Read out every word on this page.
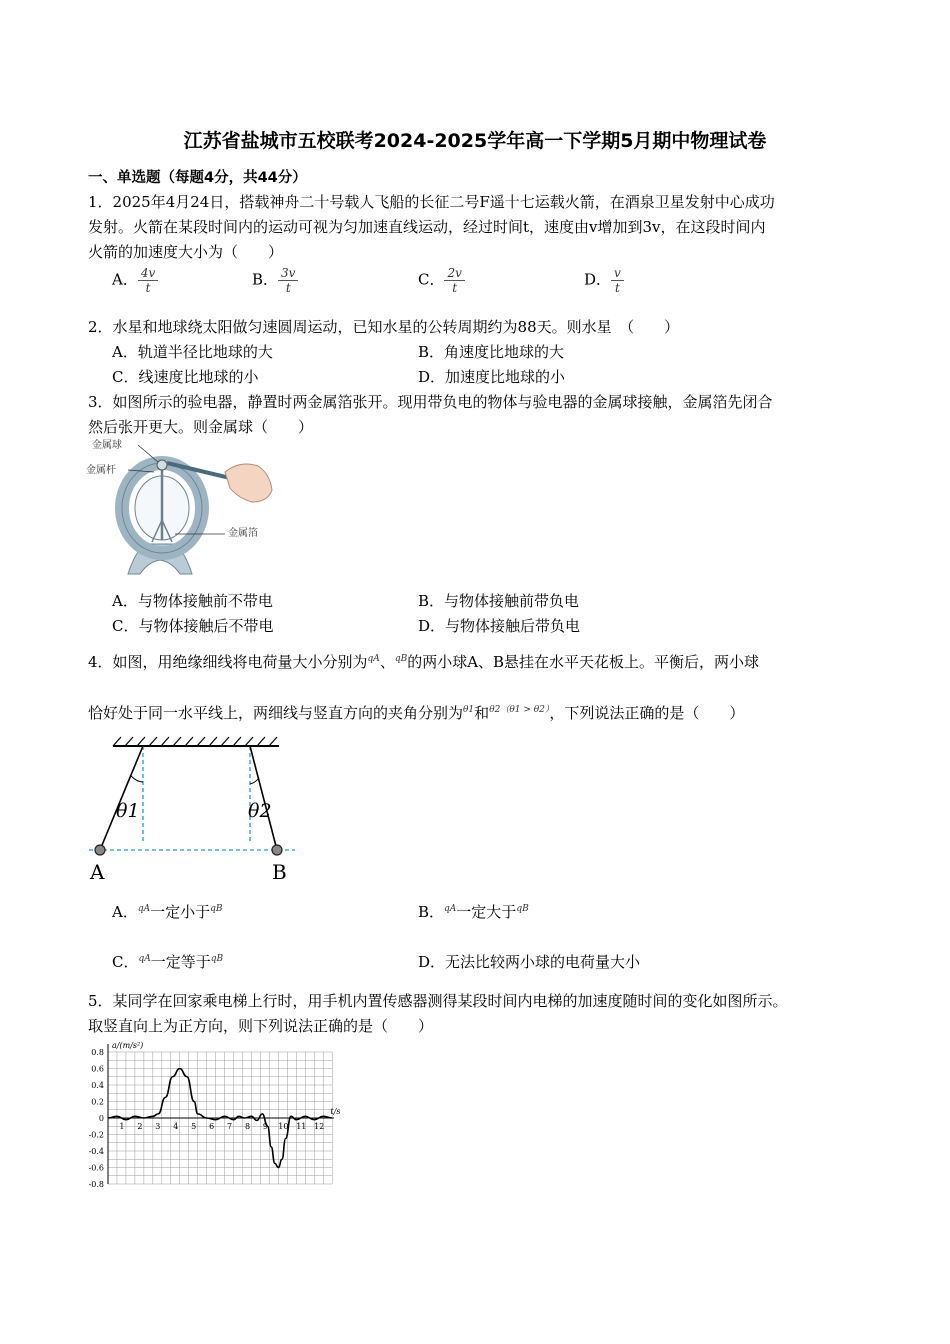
江苏省盐城市五校联考2024-2025学年高一下学期5月期中物理试卷
一、单选题（每题4分，共44分）
1．2025年4月24日，搭载神舟二十号载人飞船的长征二号F遥十七运载火箭，在酒泉卫星发射中心成功
发射。火箭在某段时间内的运动可视为匀加速直线运动，经过时间t，速度由v增加到3v，在这段时间内
火箭的加速度大小为（　　）
A． $\frac{4v}{t}$	B． $\frac{3v}{t}$	C． $\frac{2v}{t}$	D． $\frac{v}{t}$
2．水星和地球绕太阳做匀速圆周运动，已知水星的公转周期约为88天。则水星　（　　）
A．轨道半径比地球的大	B．角速度比地球的大
C．线速度比地球的小	D．加速度比地球的小
3．如图所示的验电器，静置时两金属箔张开。现用带负电的物体与验电器的金属球接触，金属箔先闭合
然后张开更大。则金属球（　　）
金属球
金属杆
金属箔
A．与物体接触前不带电	B．与物体接触前带负电
C．与物体接触后不带电	D．与物体接触后带负电
4．如图，用绝缘细线将电荷量大小分别为$^{qA}$、$^{qB}$的两小球A、B悬挂在水平天花板上。平衡后，两小球
恰好处于同一水平线上，两细线与竖直方向的夹角分别为$^{\theta 1}$和$^{\theta 2(\theta 1 > \theta 2)}$，下列说法正确的是（　　）
θ1	θ2
A	B
A．$^{qA}$一定小于$^{qB}$	B．$^{qA}$一定大于$^{qB}$
C．$^{qA}$一定等于$^{qB}$	D．无法比较两小球的电荷量大小
5．某同学在回家乘电梯上行时，用手机内置传感器测得某段时间内电梯的加速度随时间的变化如图所示。
取竖直向上为正方向，则下列说法正确的是（　　）
0.8
0.6
0.4
0.2
0
-0.2
-0.4
-0.6
-0.8
1 2 3 4 5 6 7 8 9 10 11 12
a/(m/s²)
t/s
